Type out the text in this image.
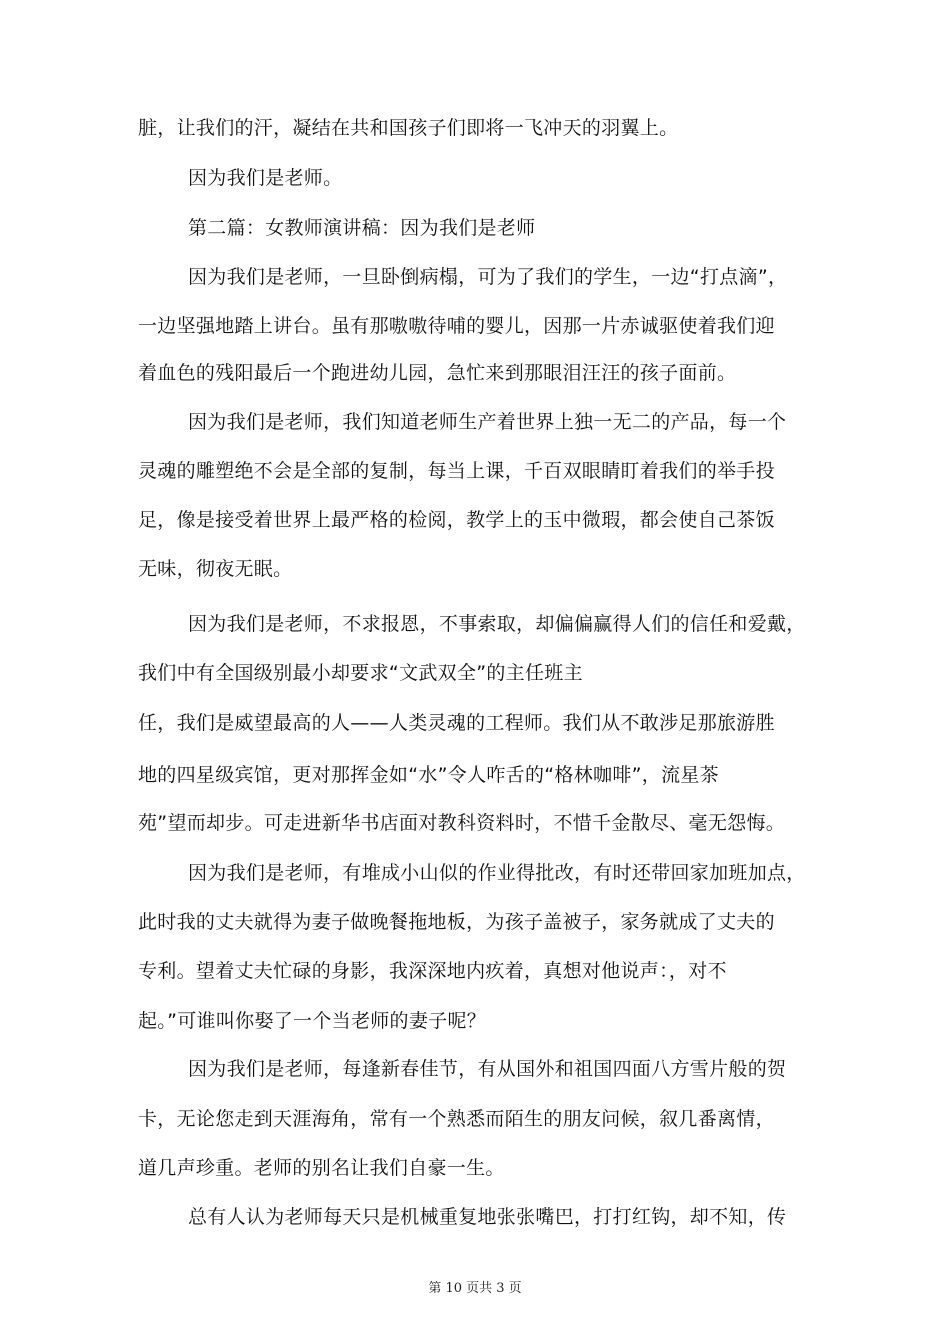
脏，让我们的汗，凝结在共和国孩子们即将一飞冲天的羽翼上。
因为我们是老师。
第二篇：女教师演讲稿：因为我们是老师
因为我们是老师，一旦卧倒病榻，可为了我们的学生，一边“打点滴”，
一边坚强地踏上讲台。虽有那嗷嗷待哺的婴儿，因那一片赤诚驱使着我们迎
着血色的残阳最后一个跑进幼儿园，急忙来到那眼泪汪汪的孩子面前。
因为我们是老师，我们知道老师生产着世界上独一无二的产品，每一个
灵魂的雕塑绝不会是全部的复制，每当上课，千百双眼睛盯着我们的举手投
足，像是接受着世界上最严格的检阅，教学上的玉中微瑕，都会使自己茶饭
无味，彻夜无眠。
因为我们是老师，不求报恩，不事索取，却偏偏赢得人们的信任和爱戴，
我们中有全国级别最小却要求“文武双全”的主任班主
任，我们是威望最高的人——人类灵魂的工程师。我们从不敢涉足那旅游胜
地的四星级宾馆，更对那挥金如“水”令人咋舌的“格林咖啡”，流星茶
苑”望而却步。可走进新华书店面对教科资料时，不惜千金散尽、毫无怨悔。
因为我们是老师，有堆成小山似的作业得批改，有时还带回家加班加点，
此时我的丈夫就得为妻子做晚餐拖地板，为孩子盖被子，家务就成了丈夫的
专利。望着丈夫忙碌的身影，我深深地内疚着，真想对他说声：，对不
起。”可谁叫你娶了一个当老师的妻子呢？
因为我们是老师，每逢新春佳节，有从国外和祖国四面八方雪片般的贺
卡，无论您走到天涯海角，常有一个熟悉而陌生的朋友问候，叙几番离情，
道几声珍重。老师的别名让我们自豪一生。
总有人认为老师每天只是机械重复地张张嘴巴，打打红钩，却不知，传
第 10 页共 3 页
